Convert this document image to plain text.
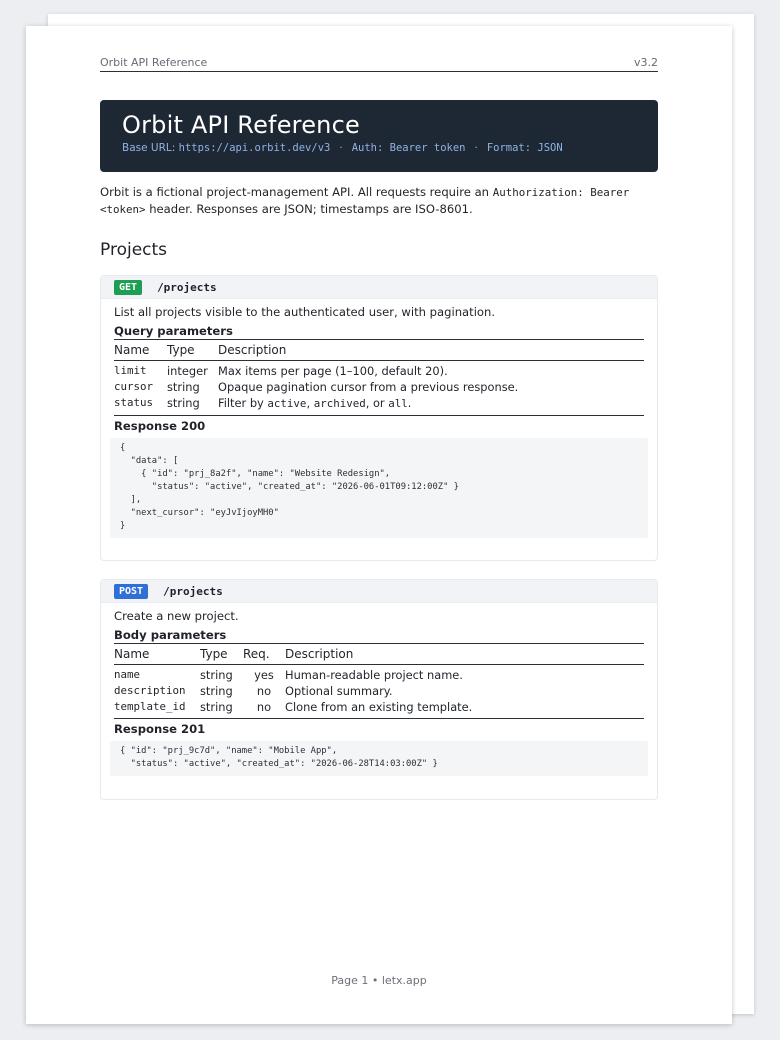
Orbit API Reference	v3.2
Orbit API Reference
Base URL: https://api.orbit.dev/v3 · Auth: Bearer token · Format: JSON
Orbit is a fictional project-management API. All requests require an Authorization: Bearer <token> header. Responses are JSON; timestamps are ISO-8601.
Projects
GET	/projects

List all projects visible to the authenticated user, with pagination.

Query parameters

Name	Type	Description
limit	integer	Max items per page (1–100, default 20).
cursor	string	Opaque pagination cursor from a previous response.
status	string	Filter by active, archived, or all.

Response 200

{
"data": [
{ "id": "prj_8a2f", "name": "Website Redesign",
"status": "active", "created_at": "2026-06-01T09:12:00Z" }
],
"next_cursor": "eyJvIjoyMH0"
}
POST	/projects

Create a new project.

Body parameters

Name	Type	Req.	Description
name	string	yes	Human-readable project name.
description	string	no	Optional summary.
template_id	string	no	Clone from an existing template.

Response 201

{ "id": "prj_9c7d", "name": "Mobile App",
"status": "active", "created_at": "2026-06-28T14:03:00Z" }
Page 1 • letx.app
